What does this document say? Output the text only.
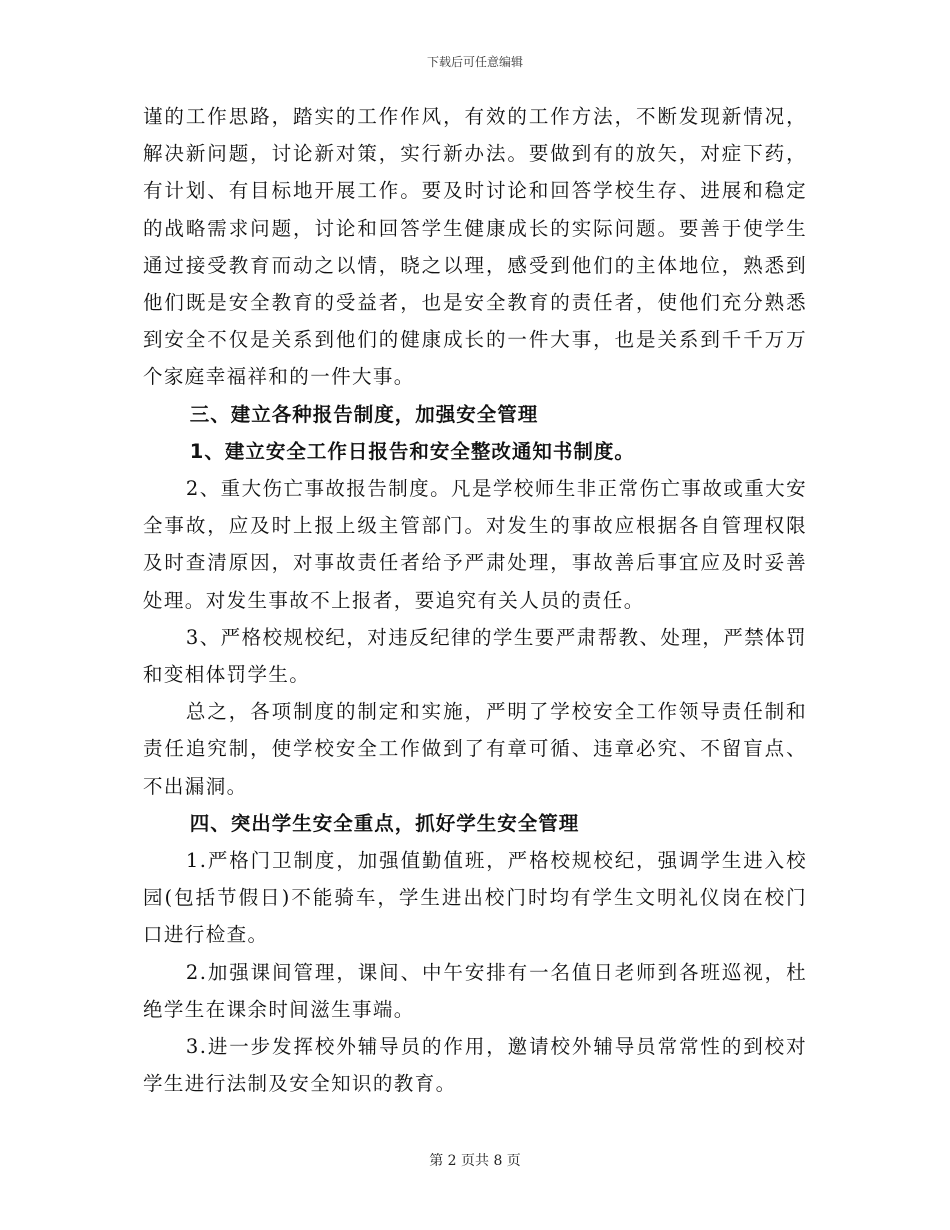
下载后可任意编辑

谨的工作思路，踏实的工作作风，有效的工作方法，不断发现新情况，解决新问题，讨论新对策，实行新办法。要做到有的放矢，对症下药，有计划、有目标地开展工作。要及时讨论和回答学校生存、进展和稳定的战略需求问题，讨论和回答学生健康成长的实际问题。要善于使学生通过接受教育而动之以情，晓之以理，感受到他们的主体地位，熟悉到他们既是安全教育的受益者，也是安全教育的责任者，使他们充分熟悉到安全不仅是关系到他们的健康成长的一件大事，也是关系到千千万万个家庭幸福祥和的一件大事。

三、建立各种报告制度，加强安全管理

1、建立安全工作日报告和安全整改通知书制度。

2、重大伤亡事故报告制度。凡是学校师生非正常伤亡事故或重大安全事故，应及时上报上级主管部门。对发生的事故应根据各自管理权限及时查清原因，对事故责任者给予严肃处理，事故善后事宜应及时妥善处理。对发生事故不上报者，要追究有关人员的责任。

3、严格校规校纪，对违反纪律的学生要严肃帮教、处理，严禁体罚和变相体罚学生。

总之，各项制度的制定和实施，严明了学校安全工作领导责任制和责任追究制，使学校安全工作做到了有章可循、违章必究、不留盲点、不出漏洞。

四、突出学生安全重点，抓好学生安全管理

1.严格门卫制度，加强值勤值班，严格校规校纪，强调学生进入校园(包括节假日)不能骑车，学生进出校门时均有学生文明礼仪岗在校门口进行检查。

2.加强课间管理，课间、中午安排有一名值日老师到各班巡视，杜绝学生在课余时间滋生事端。

3.进一步发挥校外辅导员的作用，邀请校外辅导员常常性的到校对学生进行法制及安全知识的教育。

第 2 页共 8 页
